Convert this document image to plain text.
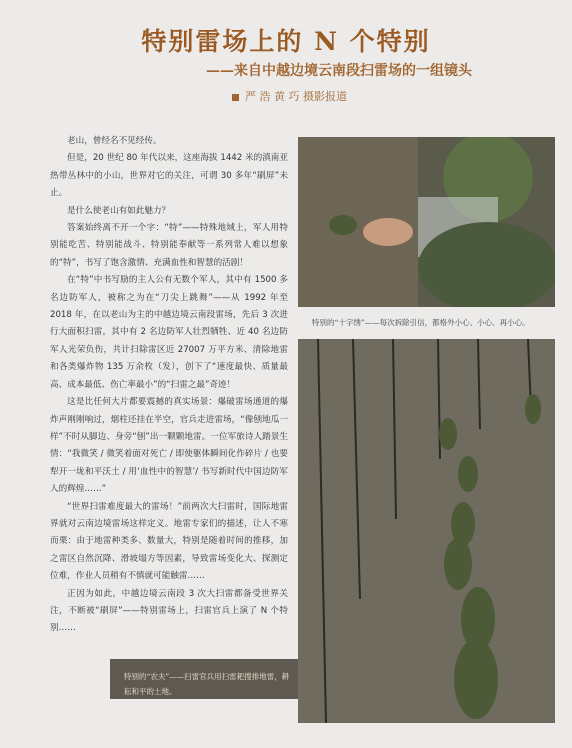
特别雷场上的 N 个特别
——来自中越边境云南段扫雷场的一组镜头
严 浩 黄 巧 摄影报道

老山，曾经名不见经传。

但是，20 世纪 80 年代以来，这座海拔 1442 米的滇南亚热带丛林中的小山，世界对它的关注，可谓 30 多年“刷屏”未止。

是什么使老山有如此魅力？

答案始终离不开一个字：“特”——特殊地域上，军人用特别能吃苦、特别能战斗、特别能奉献等一系列常人难以想象的“特”，书写了饱含激情、充满血性和智慧的活剧！

在“特”中书写励的主人公有无数个军人，其中有 1500 多名边防军人，被称之为在“刀尖上跳舞”——从 1992 年至 2018 年，在以老山为主的中越边境云南段雷场，先后 3 次进行大面积扫雷，其中有 2 名边防军人壮烈牺牲、近 40 名边防军人光荣负伤，共计扫除雷区近 27007 万平方米、清除地雷和各类爆炸物 135 万余枚（发），创下了“速度最快、质量最高、成本最低、伤亡率最小”的“扫雷之最”奇迹！

这是比任何大片都要震撼的真实场景：爆破雷场通道的爆炸声刚刚响过，烟柱还挂在半空，官兵走进雷场，“像刨地瓜一样”不时从脚边、身旁“刨”出一颗颗地雷。一位军旅诗人踏景生情：“我微笑 / 微笑着面对死亡 / 即使躯体瞬间化作碎片 / 也要犁开一垅和平沃土 / 用‘血性中的智慧’/ 书写新时代中国边防军人的辉煌……”

“世界扫雷难度最大的雷场！”前两次大扫雷时，国际地雷界就对云南边境雷场这样定义。地雷专家们的描述，让人不寒而栗：由于地雷种类多、数量大，特别是随着时间的推移，加之雷区自然沉降、滑坡塌方等因素，导致雷场变化大、探测定位难，作业人员稍有不慎就可能触雷……

正因为如此，中越边境云南段 3 次大扫雷都备受世界关注，不断被“刷屏”——特别雷场上，扫雷官兵上演了 N 个特别……

特别的“十字绣”——每次拆除引信，都格外小心、小心、再小心。
特别的“农夫”——扫雷官兵用扫雷耙搜排地雷，耕耘和平的土地。
